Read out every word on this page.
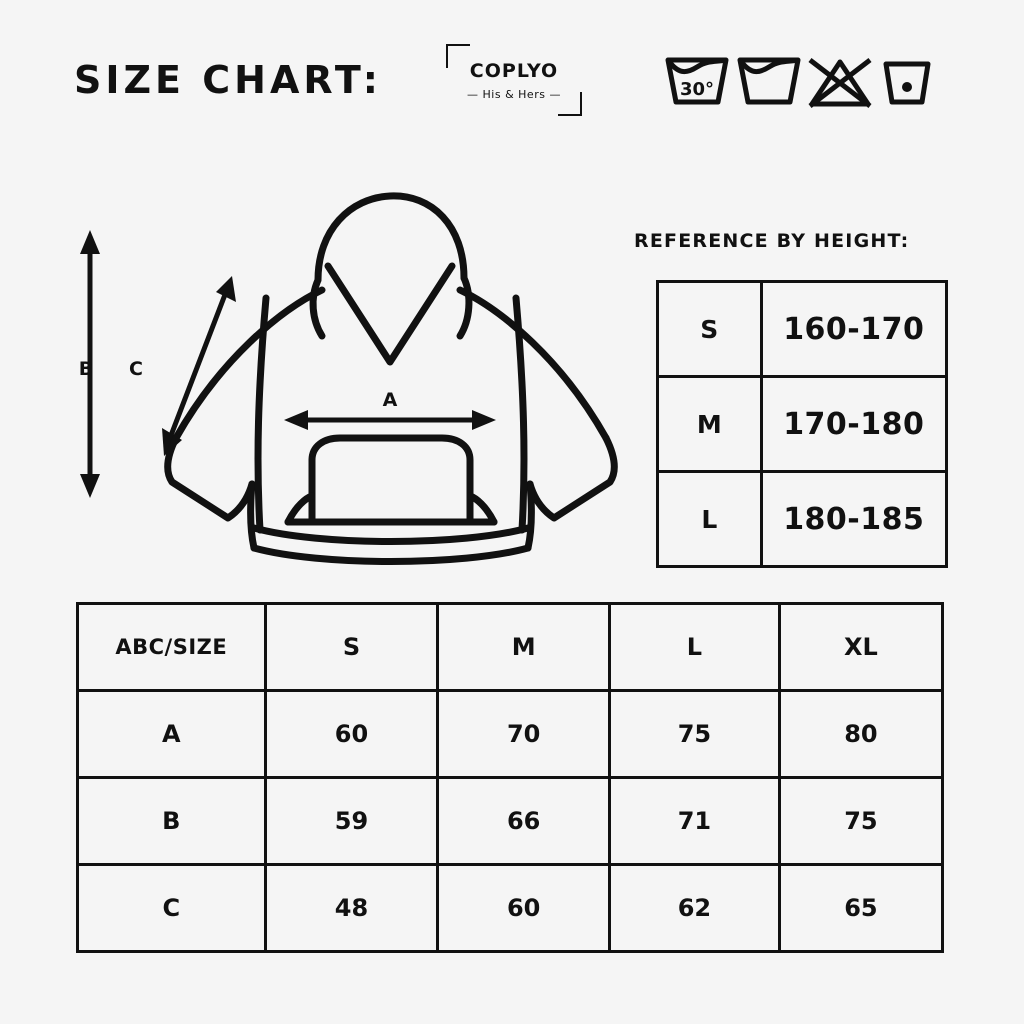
SIZE CHART:	COPLYO
— His & Hers —	30°
B C
A
REFERENCE BY HEIGHT:
S	160-170
M	170-180
L	180-185
ABC/SIZE	S	M	L	XL
A	60	70	75	80
B	59	66	71	75
C	48	60	62	65
